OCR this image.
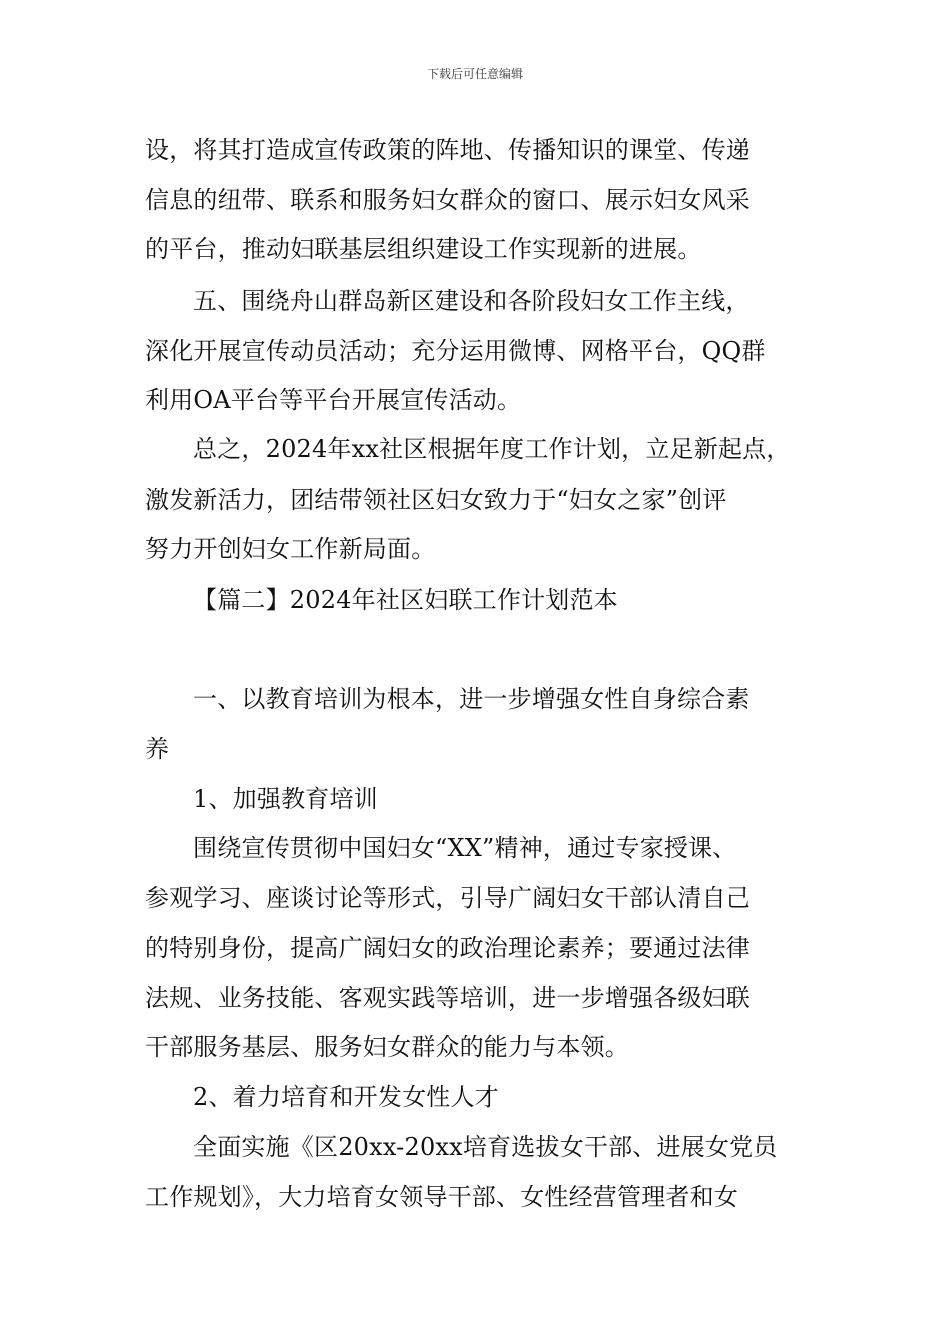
下载后可任意编辑
设，将其打造成宣传政策的阵地、传播知识的课堂、传递
信息的纽带、联系和服务妇女群众的窗口、展示妇女风采
的平台，推动妇联基层组织建设工作实现新的进展。
五、围绕舟山群岛新区建设和各阶段妇女工作主线，
深化开展宣传动员活动；充分运用微博、网格平台，QQ群
利用OA平台等平台开展宣传活动。
总之，2024年xx社区根据年度工作计划，立足新起点，
激发新活力，团结带领社区妇女致力于“妇女之家”创评
努力开创妇女工作新局面。
【篇二】2024年社区妇联工作计划范本
一、以教育培训为根本，进一步增强女性自身综合素
养
1、加强教育培训
围绕宣传贯彻中国妇女“XX”精神，通过专家授课、
参观学习、座谈讨论等形式，引导广阔妇女干部认清自己
的特别身份，提高广阔妇女的政治理论素养；要通过法律
法规、业务技能、客观实践等培训，进一步增强各级妇联
干部服务基层、服务妇女群众的能力与本领。
2、着力培育和开发女性人才
全面实施《区20xx-20xx培育选拔女干部、进展女党员
工作规划》，大力培育女领导干部、女性经营管理者和女
